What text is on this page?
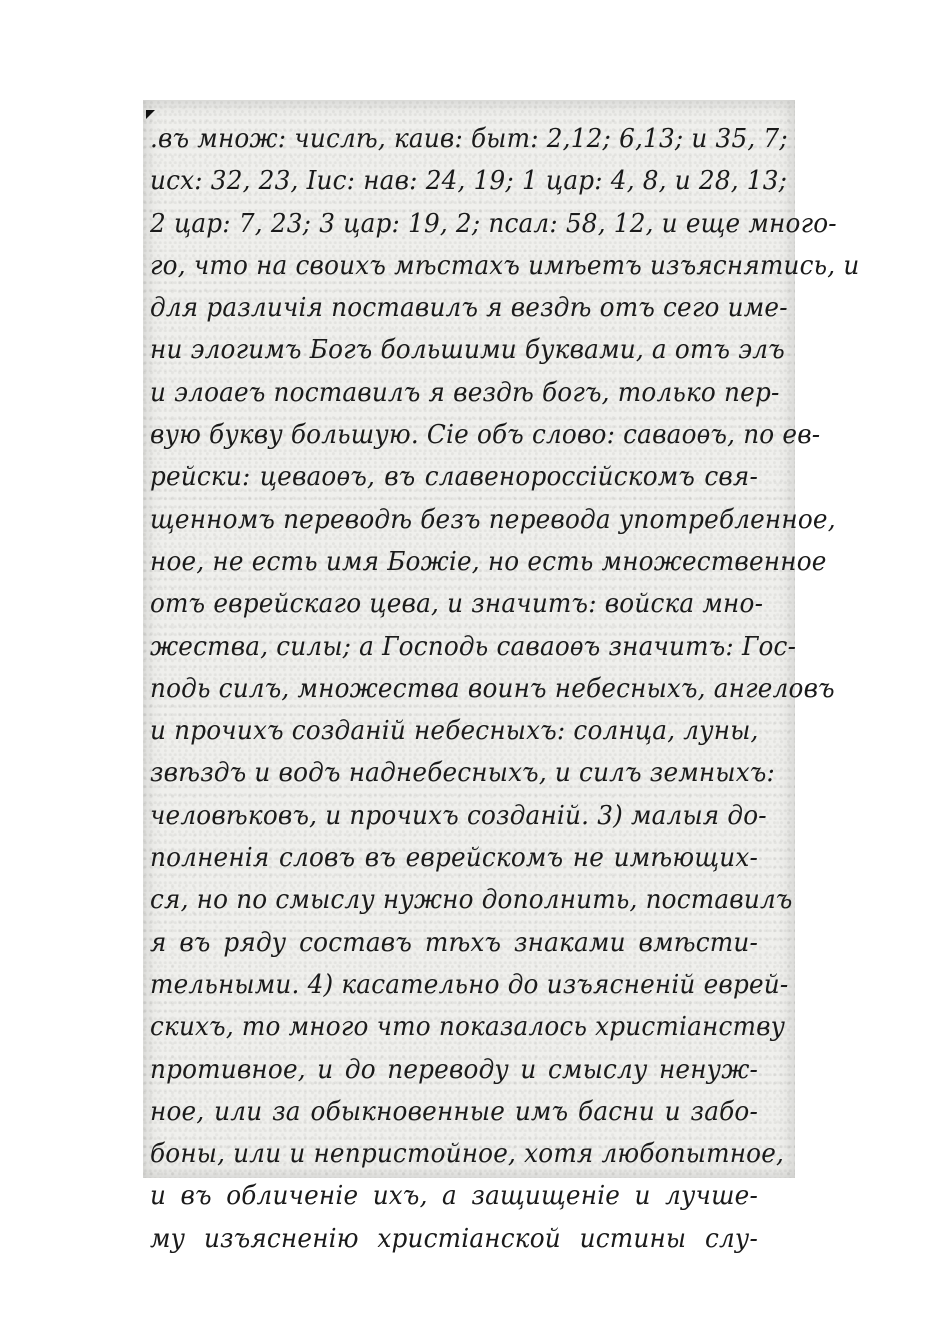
.въ множ: числѣ, каив: быт: 2,12; 6,13; и 35, 7;
исх: 32, 23, Іис: нав: 24, 19; 1 цар: 4, 8, и 28, 13;
2 цар: 7, 23; 3 цар: 19, 2; псал: 58, 12, и еще много-
го, что на своихъ мѣстахъ имѣетъ изъяснятись, и
для различія поставилъ я вездѣ отъ сего име-
ни элогимъ Богъ большими буквами, а отъ элъ
и элоаеъ поставилъ я вездѣ богъ, только пер-
вую букву большую. Сіе объ слово: саваоѳъ, по ев-
рейски: цеваоѳъ, въ славенороссійскомъ свя-
щенномъ переводѣ безъ перевода употребленное,
ное, не есть имя Божіе, но есть множественное
отъ еврейскаго цева, и значитъ: войска мно-
жества, силы; а Господь саваоѳъ значитъ: Гос-
подь силъ, множества воинъ небесныхъ, ангеловъ
и прочихъ созданій небесныхъ: солнца, луны,
звѣздъ и водъ наднебесныхъ, и силъ земныхъ:
человѣковъ, и прочихъ созданій. 3) малыя до-
полненія словъ въ еврейскомъ не имѣющих-
ся, но по смыслу нужно дополнить, поставилъ
я въ ряду составъ тѣхъ знаками вмѣсти-
тельными. 4) касательно до изъясненій еврей-
скихъ, то много что показалось христіанству
противное, и до переводу и смыслу ненуж-
ное, или за обыкновенные имъ басни и забо-
боны, или и непристойное, хотя любопытное,
и въ обличеніе ихъ, а защищеніе и лучше-
му изъясненію христіанской истины слу-
